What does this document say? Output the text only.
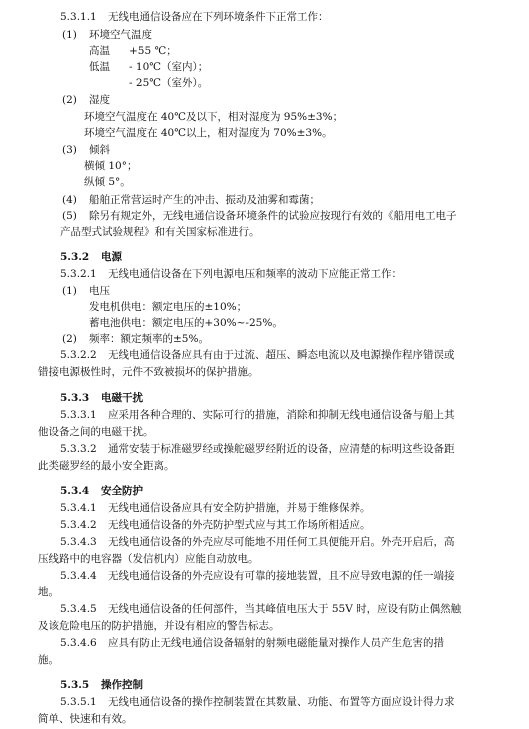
5.3.1.1 无线电通信设备应在下列环境条件下正常工作：
(1) 环境空气温度
高温 +55 ℃；
低温 - 10℃（室内）；
- 25℃（室外）。
(2) 湿度
环境空气温度在 40℃及以下，相对湿度为 95%±3%；
环境空气温度在 40℃以上，相对湿度为 70%±3%。
(3) 倾斜
横倾 10°；
纵倾 5°。
(4) 船舶正常营运时产生的冲击、振动及油雾和霉菌；
(5) 除另有规定外，无线电通信设备环境条件的试验应按现行有效的《船用电工电子
产品型式试验规程》和有关国家标准进行。
5.3.2 电源
5.3.2.1 无线电通信设备在下列电源电压和频率的波动下应能正常工作：
(1) 电压
发电机供电：额定电压的±10%；
蓄电池供电：额定电压的+30%~-25%。
(2) 频率：额定频率的±5%。
5.3.2.2 无线电通信设备应具有由于过流、超压、瞬态电流以及电源操作程序错误或
错接电源极性时，元件不致被损坏的保护措施。
5.3.3 电磁干扰
5.3.3.1 应采用各种合理的、实际可行的措施，消除和抑制无线电通信设备与船上其
他设备之间的电磁干扰。
5.3.3.2 通常安装于标准磁罗经或操舵磁罗经附近的设备，应清楚的标明这些设备距
此类磁罗经的最小安全距离。
5.3.4 安全防护
5.3.4.1 无线电通信设备应具有安全防护措施，并易于维修保养。
5.3.4.2 无线电通信设备的外壳防护型式应与其工作场所相适应。
5.3.4.3 无线电通信设备的外壳应尽可能地不用任何工具便能开启。外壳开启后，高
压线路中的电容器（发信机内）应能自动放电。
5.3.4.4 无线电通信设备的外壳应设有可靠的接地装置，且不应导致电源的任一端接
地。
5.3.4.5 无线电通信设备的任何部件，当其峰值电压大于 55V 时，应设有防止偶然触
及该危险电压的防护措施，并设有相应的警告标志。
5.3.4.6 应具有防止无线电通信设备辐射的射频电磁能量对操作人员产生危害的措
施。
5.3.5 操作控制
5.3.5.1 无线电通信设备的操作控制装置在其数量、功能、布置等方面应设计得力求
简单、快速和有效。
